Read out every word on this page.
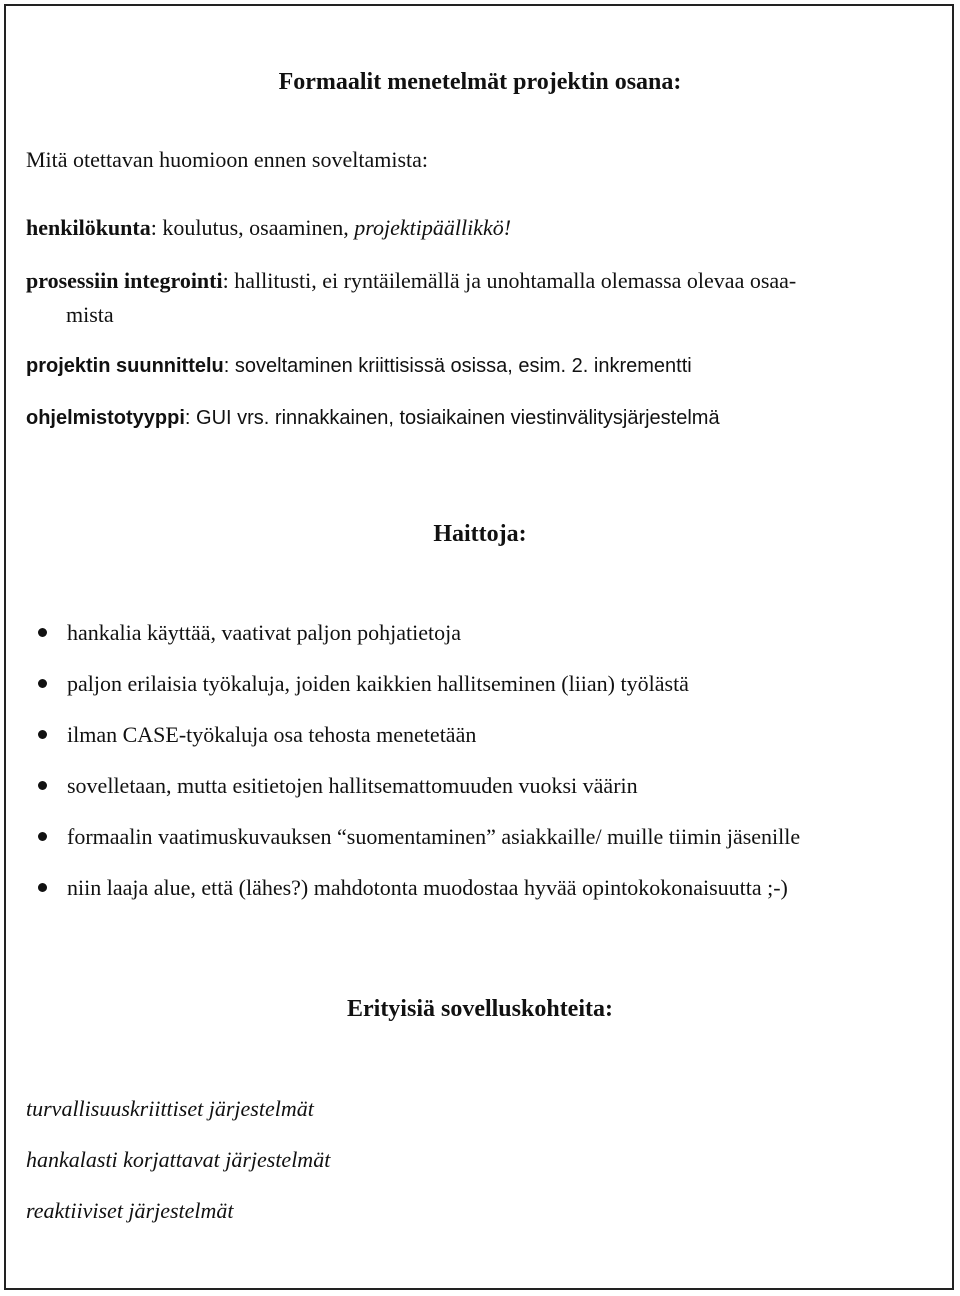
Formaalit menetelmät projektin osana:
Mitä otettavan huomioon ennen soveltamista:
henkilökunta: koulutus, osaaminen, projektipäällikkö!
prosessiin integrointi: hallitusti, ei ryntäilemällä ja unohtamalla olemassa olevaa osaa-
mista
projektin suunnittelu: soveltaminen kriittisissä osissa, esim. 2. inkrementti
ohjelmistotyyppi: GUI vrs. rinnakkainen, tosiaikainen viestinvälitysjärjestelmä
Haittoja:
hankalia käyttää, vaativat paljon pohjatietoja
paljon erilaisia työkaluja, joiden kaikkien hallitseminen (liian) työlästä
ilman CASE-työkaluja osa tehosta menetetään
sovelletaan, mutta esitietojen hallitsemattomuuden vuoksi väärin
formaalin vaatimuskuvauksen “suomentaminen” asiakkaille/ muille tiimin jäsenille
niin laaja alue, että (lähes?) mahdotonta muodostaa hyvää opintokokonaisuutta ;-)
Erityisiä sovelluskohteita:
turvallisuuskriittiset järjestelmät
hankalasti korjattavat järjestelmät
reaktiiviset järjestelmät
